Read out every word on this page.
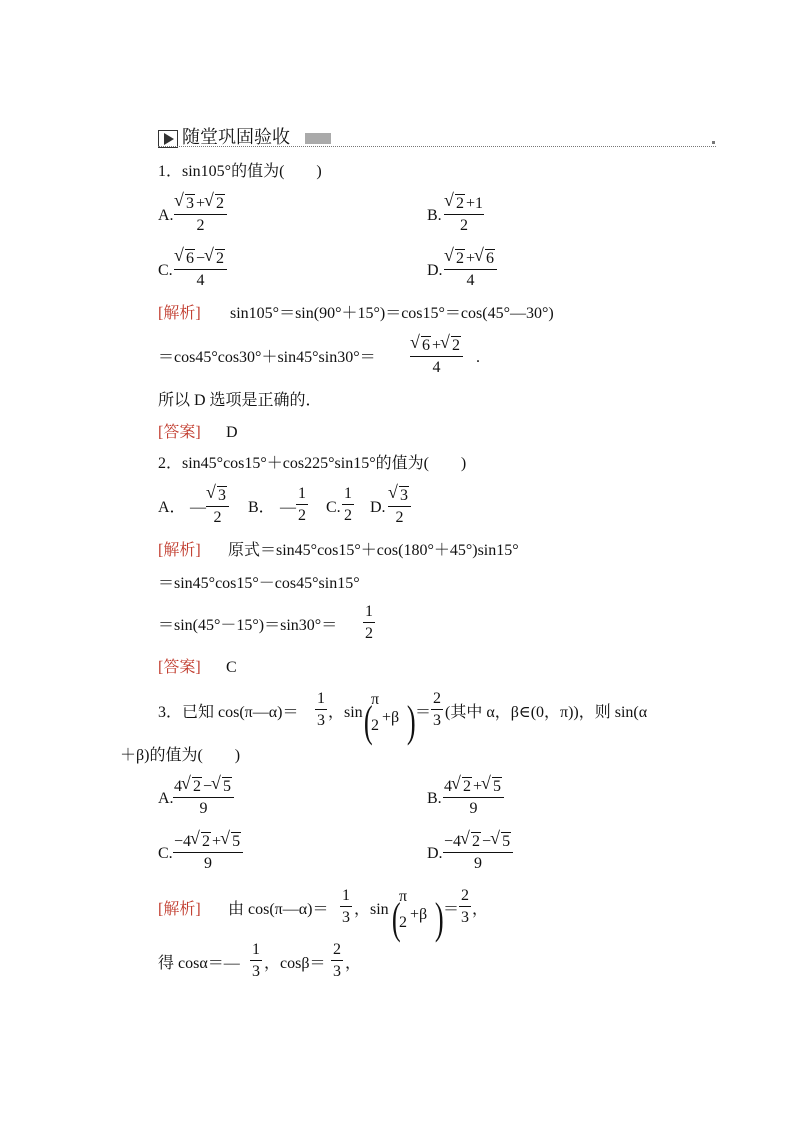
随堂巩固验收
1．sin105°的值为(　　)
A.
√ 3 + √ 2
2
B.
√ 2 +1
2
C.
√ 6 − √ 2
4
D.
√ 2 + √ 6
4
[解析] sin105°＝sin(90°＋15°)＝cos15°＝cos(45°—30°)
＝cos45°cos30°＋sin45°sin30°＝
√ 6 + √ 2
4
.
所以 D 选项是正确的．
[答案] D
2．sin45°cos15°＋cos225°sin15°的值为(　　)
A． —
√ 3
2
B． —
1
2 C.
1
2 D.
√ 3
2
[解析] 原式＝sin45°cos15°＋cos(180°＋45°)sin15°
＝sin45°cos15°－cos45°sin15°
＝sin(45°－15°)＝sin30°＝
1
2
[答案] C
3．已知 cos(π—α)＝
1
3 ，sin (
π
2 +β ) ＝
2
3 (其中 α，β∈(0，π))，则 sin(α
＋β)的值为(　　)
A.
4 √ 2 − √ 5
9
B.
4 √ 2 + √ 5
9
C.
−4 √ 2 + √ 5
9
D.
−4 √ 2 − √ 5
9
[解析] 由 cos(π—α)＝
1
3 ，sin (
π
2 +β ) ＝
2
3 ，
得 cosα＝—
1
3 ，cosβ＝
2
3 ，
